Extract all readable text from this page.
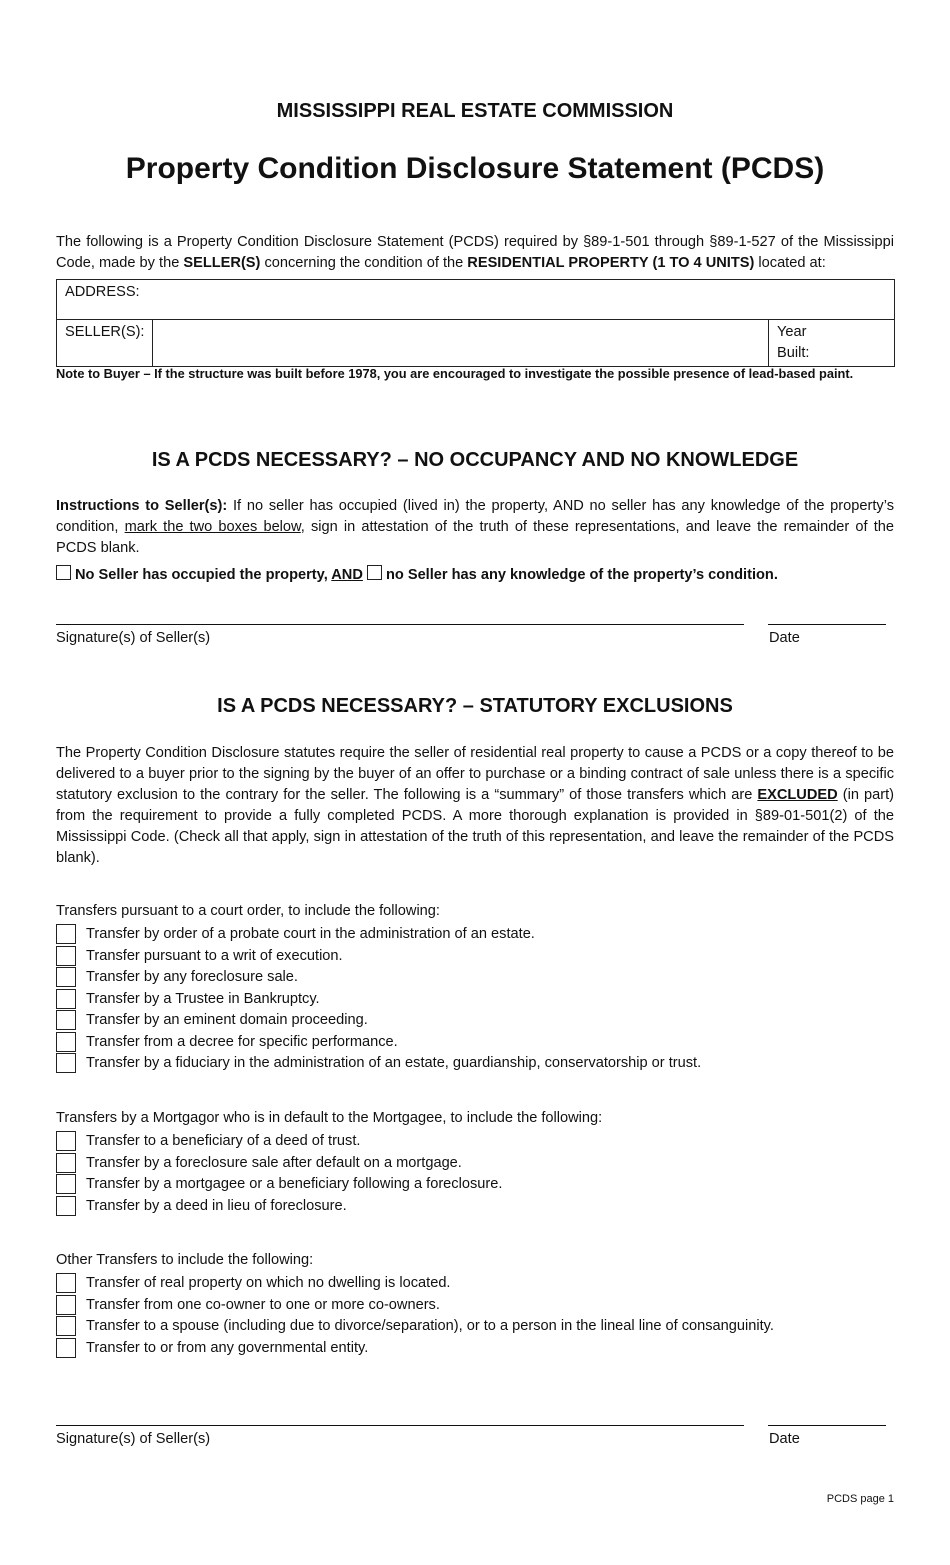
MISSISSIPPI REAL ESTATE COMMISSION
Property Condition Disclosure Statement (PCDS)
The following is a Property Condition Disclosure Statement (PCDS) required by §89-1-501 through §89-1-527 of the Mississippi Code, made by the SELLER(S) concerning the condition of the RESIDENTIAL PROPERTY (1 TO 4 UNITS) located at:
ADDRESS:
SELLER(S):		Year
Built:
Note to Buyer – If the structure was built before 1978, you are encouraged to investigate the possible presence of lead-based paint.
IS A PCDS NECESSARY? – NO OCCUPANCY AND NO KNOWLEDGE
Instructions to Seller(s): If no seller has occupied (lived in) the property, AND no seller has any knowledge of the property’s condition, mark the two boxes below, sign in attestation of the truth of these representations, and leave the remainder of the PCDS blank.
No Seller has occupied the property, AND no Seller has any knowledge of the property’s condition.
Signature(s) of Seller(s)	Date
IS A PCDS NECESSARY? – STATUTORY EXCLUSIONS
The Property Condition Disclosure statutes require the seller of residential real property to cause a PCDS or a copy thereof to be delivered to a buyer prior to the signing by the buyer of an offer to purchase or a binding contract of sale unless there is a specific statutory exclusion to the contrary for the seller. The following is a “summary” of those transfers which are EXCLUDED (in part) from the requirement to provide a fully completed PCDS. A more thorough explanation is provided in §89-01-501(2) of the Mississippi Code. (Check all that apply, sign in attestation of the truth of this representation, and leave the remainder of the PCDS blank).
Transfers pursuant to a court order, to include the following:
Transfer by order of a probate court in the administration of an estate.
Transfer pursuant to a writ of execution.
Transfer by any foreclosure sale.
Transfer by a Trustee in Bankruptcy.
Transfer by an eminent domain proceeding.
Transfer from a decree for specific performance.
Transfer by a fiduciary in the administration of an estate, guardianship, conservatorship or trust.
Transfers by a Mortgagor who is in default to the Mortgagee, to include the following:
Transfer to a beneficiary of a deed of trust.
Transfer by a foreclosure sale after default on a mortgage.
Transfer by a mortgagee or a beneficiary following a foreclosure.
Transfer by a deed in lieu of foreclosure.
Other Transfers to include the following:
Transfer of real property on which no dwelling is located.
Transfer from one co-owner to one or more co-owners.
Transfer to a spouse (including due to divorce/separation), or to a person in the lineal line of consanguinity.
Transfer to or from any governmental entity.
Signature(s) of Seller(s)	Date
PCDS page 1
